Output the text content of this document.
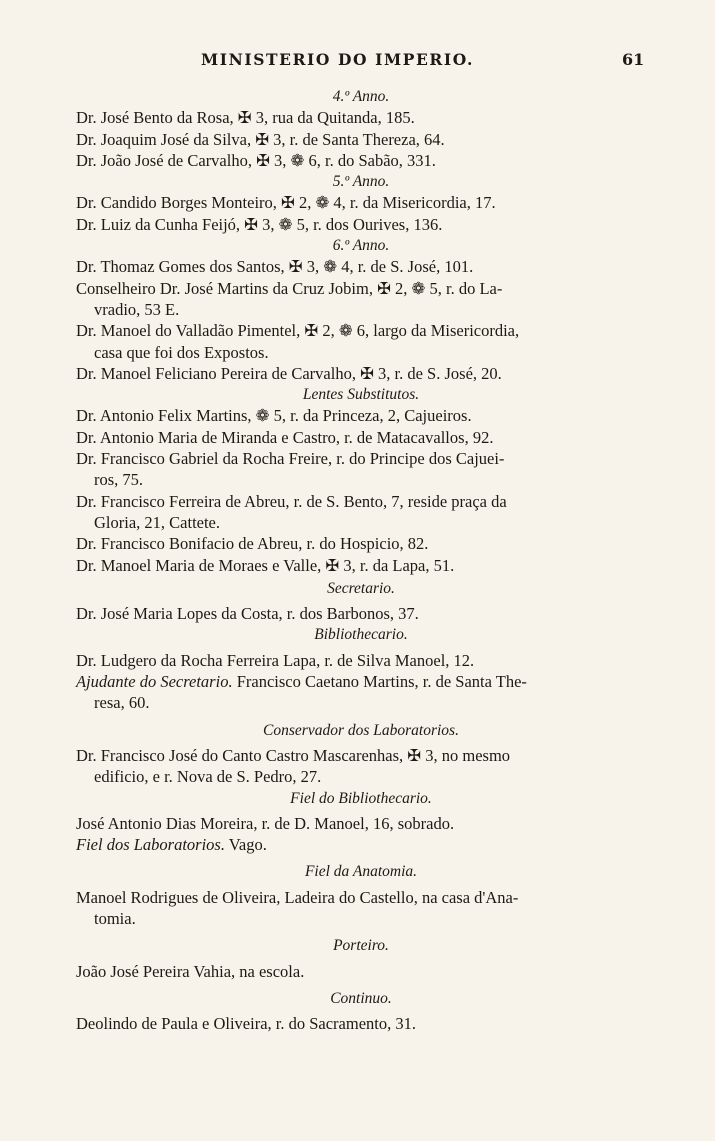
MINISTERIO DO IMPERIO.	61
4.º Anno.
Dr. José Bento da Rosa, ✠ 3, rua da Quitanda, 185.
Dr. Joaquim José da Silva, ✠ 3, r. de Santa Thereza, 64.
Dr. João José de Carvalho, ✠ 3, ❁ 6, r. do Sabão, 331.
5.º Anno.
Dr. Candido Borges Monteiro, ✠ 2, ❁ 4, r. da Misericordia, 17.
Dr. Luiz da Cunha Feijó, ✠ 3, ❁ 5, r. dos Ourives, 136.
6.º Anno.
Dr. Thomaz Gomes dos Santos, ✠ 3, ❁ 4, r. de S. José, 101.
Conselheiro Dr. José Martins da Cruz Jobim, ✠ 2, ❁ 5, r. do La-
vradio, 53 E.
Dr. Manoel do Valladão Pimentel, ✠ 2, ❁ 6, largo da Misericordia,
casa que foi dos Expostos.
Dr. Manoel Feliciano Pereira de Carvalho, ✠ 3, r. de S. José, 20.
Lentes Substitutos.
Dr. Antonio Felix Martins, ❁ 5, r. da Princeza, 2, Cajueiros.
Dr. Antonio Maria de Miranda e Castro, r. de Matacavallos, 92.
Dr. Francisco Gabriel da Rocha Freire, r. do Principe dos Cajuei-
ros, 75.
Dr. Francisco Ferreira de Abreu, r. de S. Bento, 7, reside praça da
Gloria, 21, Cattete.
Dr. Francisco Bonifacio de Abreu, r. do Hospicio, 82.
Dr. Manoel Maria de Moraes e Valle, ✠ 3, r. da Lapa, 51.
Secretario.
Dr. José Maria Lopes da Costa, r. dos Barbonos, 37.
Bibliothecario.
Dr. Ludgero da Rocha Ferreira Lapa, r. de Silva Manoel, 12.
Ajudante do Secretario. Francisco Caetano Martins, r. de Santa The-
resa, 60.
Conservador dos Laboratorios.
Dr. Francisco José do Canto Castro Mascarenhas, ✠ 3, no mesmo
edificio, e r. Nova de S. Pedro, 27.
Fiel do Bibliothecario.
José Antonio Dias Moreira, r. de D. Manoel, 16, sobrado.
Fiel dos Laboratorios. Vago.
Fiel da Anatomia.
Manoel Rodrigues de Oliveira, Ladeira do Castello, na casa d'Ana-
tomia.
Porteiro.
João José Pereira Vahia, na escola.
Continuo.
Deolindo de Paula e Oliveira, r. do Sacramento, 31.
